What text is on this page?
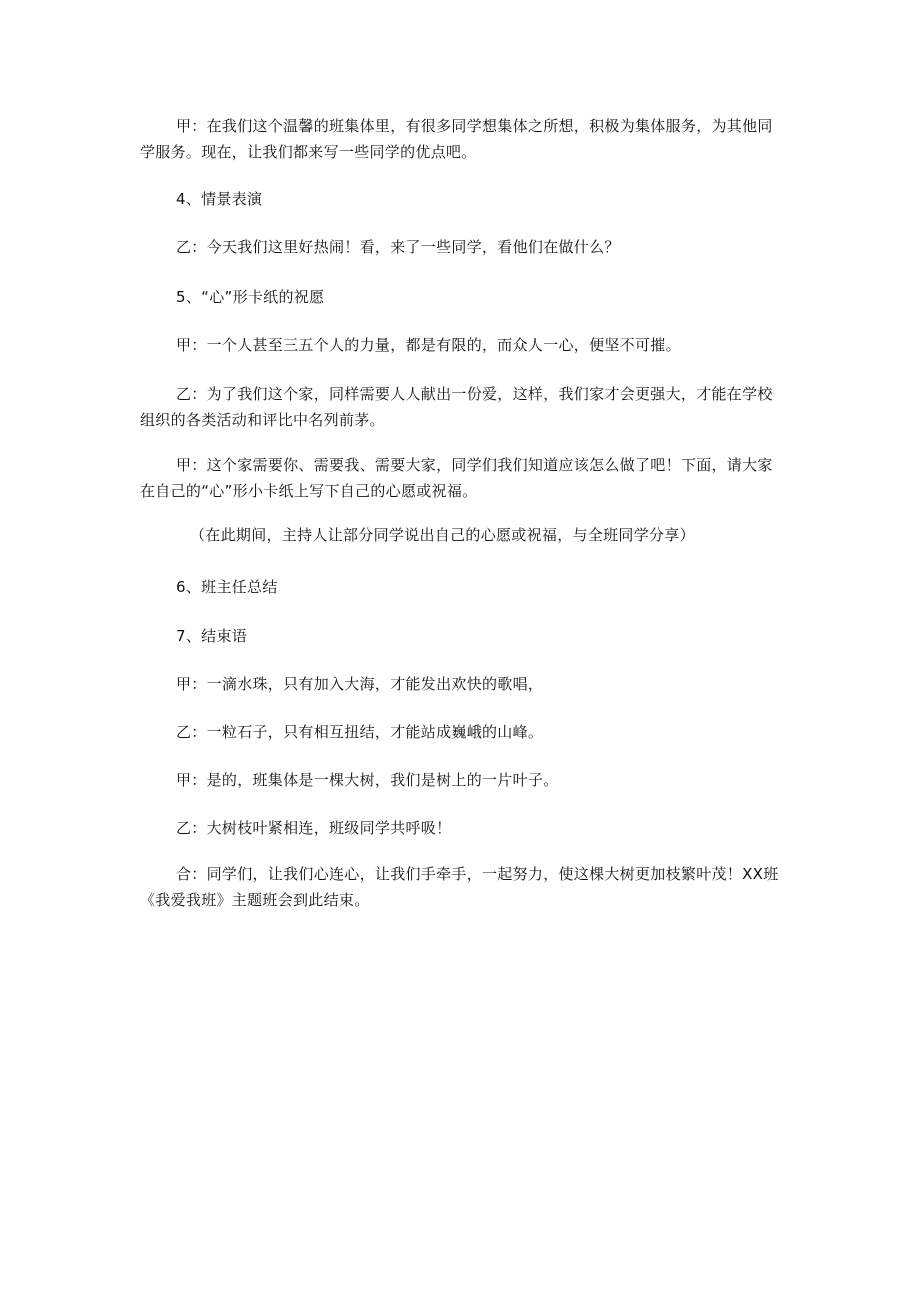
甲：在我们这个温馨的班集体里，有很多同学想集体之所想，积极为集体服务，为其他同学服务。现在，让我们都来写一些同学的优点吧。
4、情景表演
乙：今天我们这里好热闹！看，来了一些同学，看他们在做什么？
5、“心”形卡纸的祝愿
甲：一个人甚至三五个人的力量，都是有限的，而众人一心，便坚不可摧。
乙：为了我们这个家，同样需要人人献出一份爱，这样，我们家才会更强大，才能在学校组织的各类活动和评比中名列前茅。
甲：这个家需要你、需要我、需要大家，同学们我们知道应该怎么做了吧！下面，请大家在自己的“心”形小卡纸上写下自己的心愿或祝福。
（在此期间，主持人让部分同学说出自己的心愿或祝福，与全班同学分享）
6、班主任总结
7、结束语
甲：一滴水珠，只有加入大海，才能发出欢快的歌唱，
乙：一粒石子，只有相互扭结，才能站成巍峨的山峰。
甲：是的，班集体是一棵大树，我们是树上的一片叶子。
乙：大树枝叶紧相连，班级同学共呼吸！
合：同学们，让我们心连心，让我们手牵手，一起努力，使这棵大树更加枝繁叶茂！XX班《我爱我班》主题班会到此结束。
